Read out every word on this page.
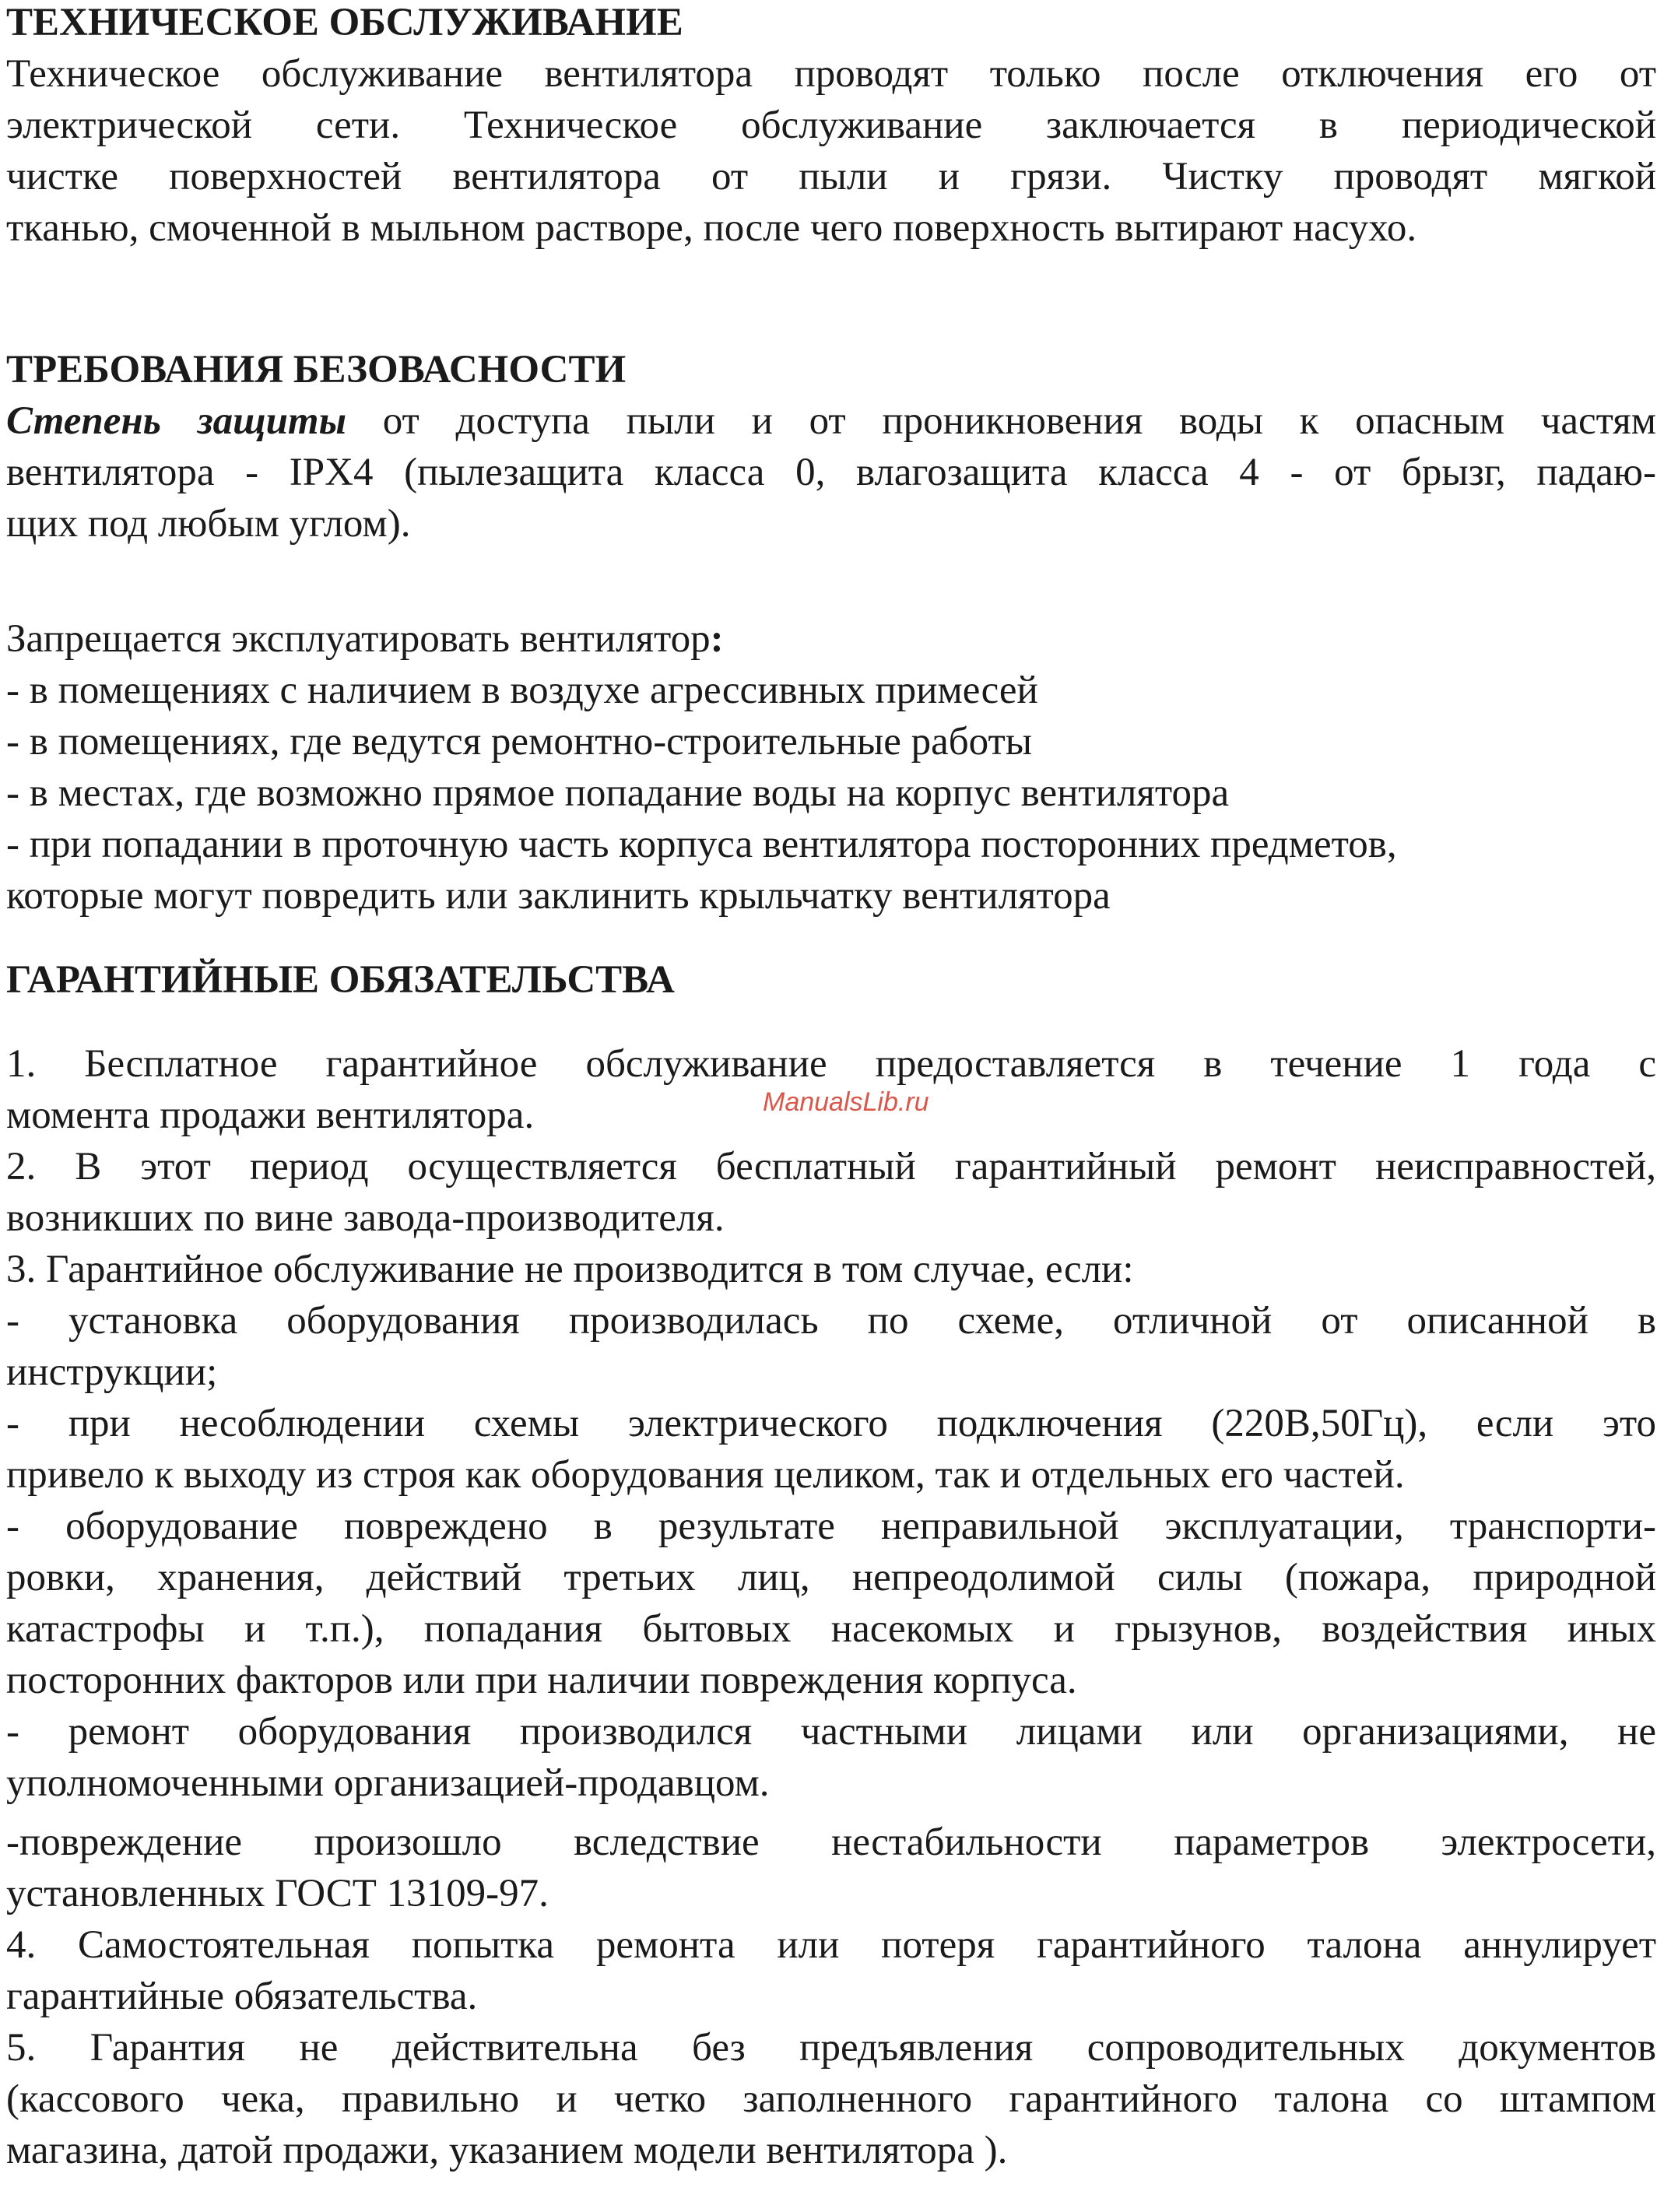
ТЕХНИЧЕСКОЕ ОБСЛУЖИВАНИЕ

Техническое обслуживание вентилятора проводят только после отключения его от

электрической сети. Техническое обслуживание заключается в периодической

чистке поверхностей вентилятора от пыли и грязи. Чистку проводят мягкой

тканью, смоченной в мыльном растворе, после чего поверхность вытирают насухо.

ТРЕБОВАНИЯ БЕЗОВАСНОСТИ

Степень защиты от доступа пыли и от проникновения воды к опасным частям

вентилятора - IPX4 (пылезащита класса 0, влагозащита класса 4 - от брызг, падаю-

щих под любым углом).

Запрещается эксплуатировать вентилятор:

- в помещениях с наличием в воздухе агрессивных примесей

- в помещениях, где ведутся ремонтно-строительные работы

- в местах, где возможно прямое попадание воды на корпус вентилятора

- при попадании в проточную часть корпуса вентилятора посторонних предметов,

которые могут повредить или заклинить крыльчатку вентилятора

ГАРАНТИЙНЫЕ ОБЯЗАТЕЛЬСТВА

1. Бесплатное гарантийное обслуживание предоставляется в течение 1 года с

момента продажи вентилятора.

2. В этот период осуществляется бесплатный гарантийный ремонт неисправностей,

возникших по вине завода-производителя.

3. Гарантийное обслуживание не производится в том случае, если:

- установка оборудования производилась по схеме, отличной от описанной в

инструкции;

- при несоблюдении схемы электрического подключения (220В,50Гц), если это

привело к выходу из строя как оборудования целиком, так и отдельных его частей.

- оборудование повреждено в результате неправильной эксплуатации, транспорти-

ровки, хранения, действий третьих лиц, непреодолимой силы (пожара, природной

катастрофы и т.п.), попадания бытовых насекомых и грызунов, воздействия иных

посторонних факторов или при наличии повреждения корпуса.

- ремонт оборудования производился частными лицами или организациями, не

уполномоченными организацией-продавцом.

-повреждение произошло вследствие нестабильности параметров электросети,

установленных ГОСТ 13109-97.

4. Самостоятельная попытка ремонта или потеря гарантийного талона аннулирует

гарантийные обязательства.

5. Гарантия не действительна без предъявления сопроводительных документов

(кассового чека, правильно и четко заполненного гарантийного талона со штампом

магазина, датой продажи, указанием модели вентилятора ).

ManualsLib.ru
